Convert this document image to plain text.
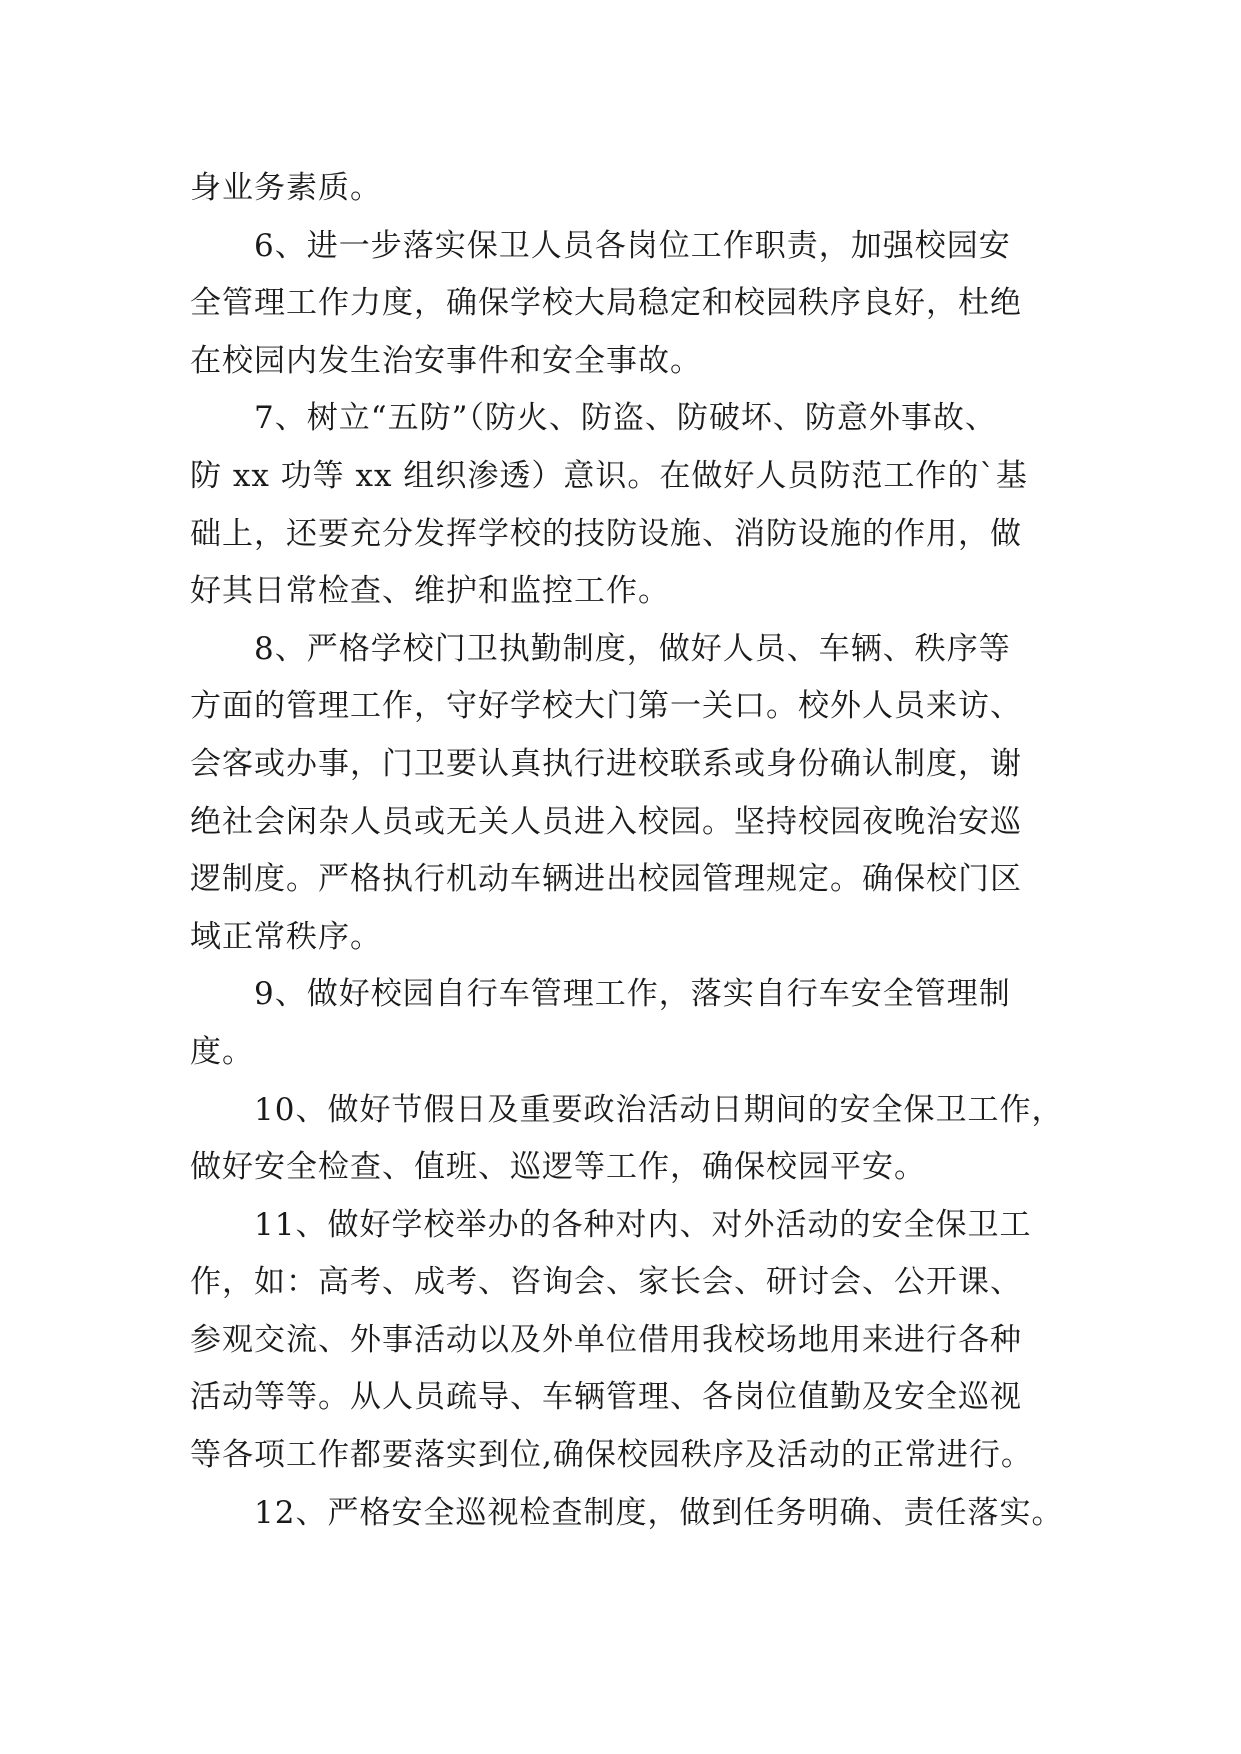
身业务素质。
6、进一步落实保卫人员各岗位工作职责，加强校园安
全管理工作力度，确保学校大局稳定和校园秩序良好，杜绝
在校园内发生治安事件和安全事故。
7、树立“五防”（防火、防盗、防破坏、防意外事故、
防 xx 功等 xx 组织渗透）意识。在做好人员防范工作的`基
础上，还要充分发挥学校的技防设施、消防设施的作用，做
好其日常检查、维护和监控工作。
8、严格学校门卫执勤制度，做好人员、车辆、秩序等
方面的管理工作，守好学校大门第一关口。校外人员来访、
会客或办事，门卫要认真执行进校联系或身份确认制度，谢
绝社会闲杂人员或无关人员进入校园。坚持校园夜晚治安巡
逻制度。严格执行机动车辆进出校园管理规定。确保校门区
域正常秩序。
9、做好校园自行车管理工作，落实自行车安全管理制
度。
10、做好节假日及重要政治活动日期间的安全保卫工作，
做好安全检查、值班、巡逻等工作，确保校园平安。
11、做好学校举办的各种对内、对外活动的安全保卫工
作，如：高考、成考、咨询会、家长会、研讨会、公开课、
参观交流、外事活动以及外单位借用我校场地用来进行各种
活动等等。从人员疏导、车辆管理、各岗位值勤及安全巡视
等各项工作都要落实到位,确保校园秩序及活动的正常进行。
12、严格安全巡视检查制度，做到任务明确、责任落实。
